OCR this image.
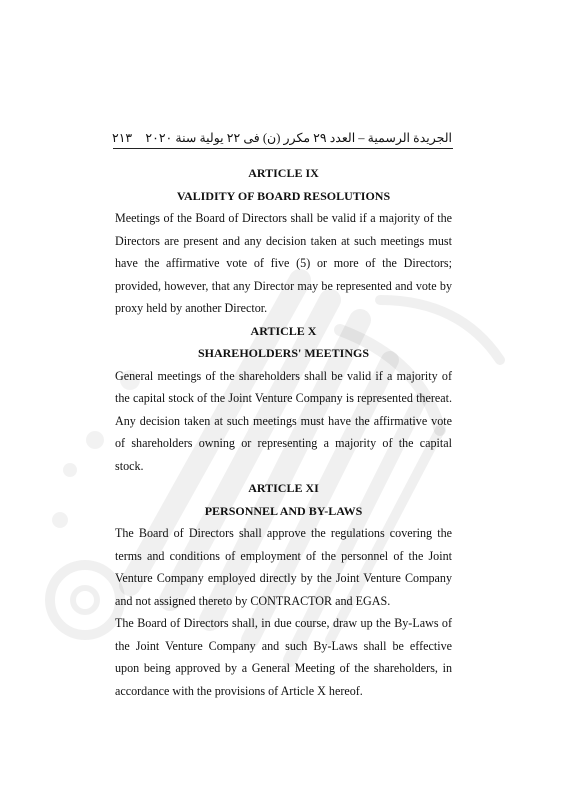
الجريدة الرسمية – العدد ٢٩ مكرر (ن) فى ٢٢ يولية سنة ٢٠٢٠
٢١٣

ARTICLE IX

VALIDITY OF BOARD RESOLUTIONS

Meetings of the Board of Directors shall be valid if a majority of the Directors are present and any decision taken at such meetings must have the affirmative vote of five (5) or more of the Directors; provided, however, that any Director may be represented and vote by proxy held by another Director.

ARTICLE X

SHAREHOLDERS' MEETINGS

General meetings of the shareholders shall be valid if a majority of the capital stock of the Joint Venture Company is represented thereat. Any decision taken at such meetings must have the affirmative vote of shareholders owning or representing a majority of the capital stock.

ARTICLE XI

PERSONNEL AND BY-LAWS

The Board of Directors shall approve the regulations covering the terms and conditions of employment of the personnel of the Joint Venture Company employed directly by the Joint Venture Company and not assigned thereto by CONTRACTOR and EGAS.

The Board of Directors shall, in due course, draw up the By-Laws of the Joint Venture Company and such By-Laws shall be effective upon being approved by a General Meeting of the shareholders, in accordance with the provisions of Article X hereof.
